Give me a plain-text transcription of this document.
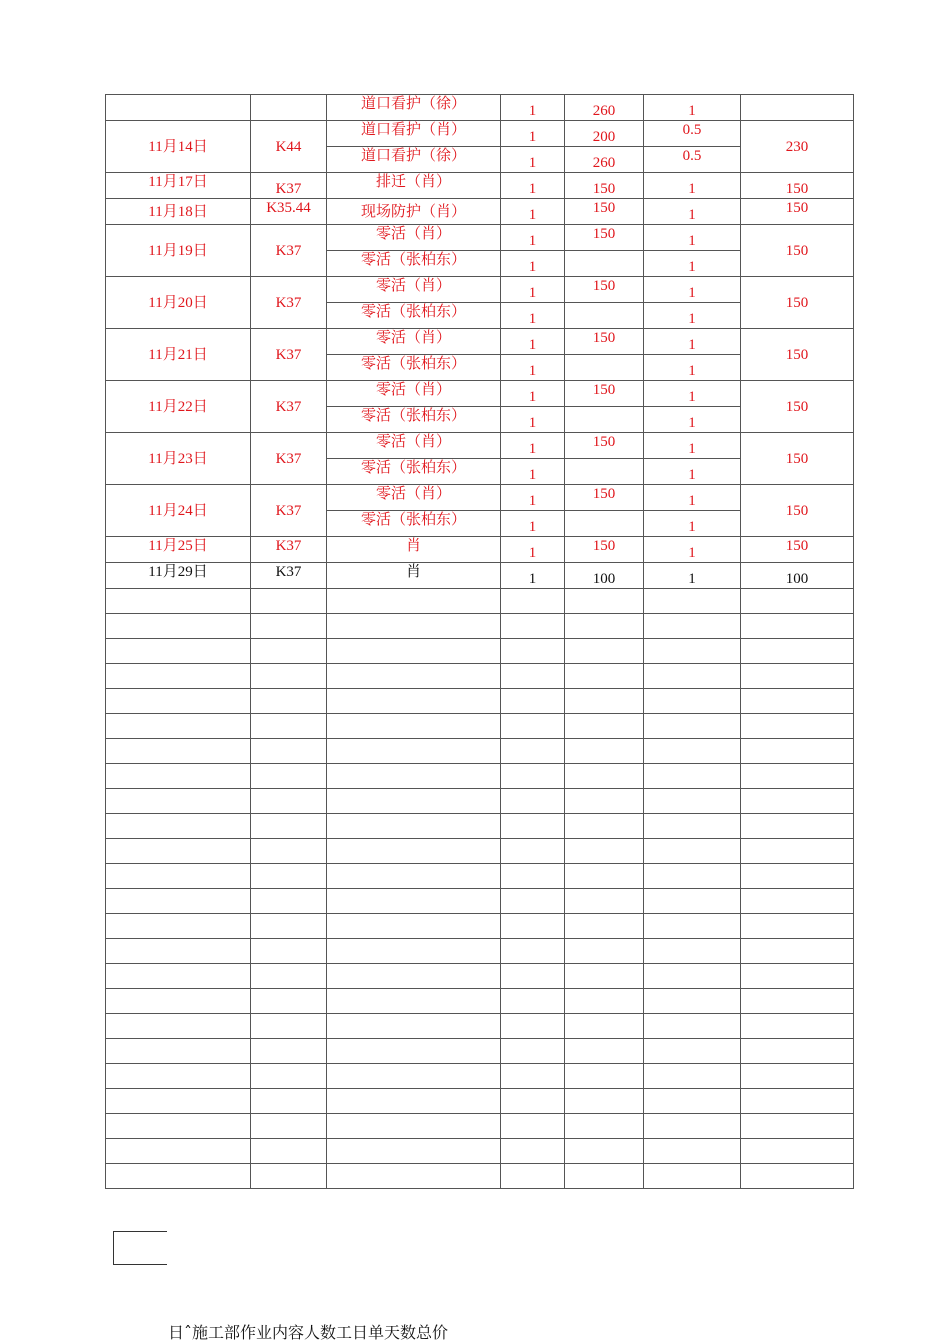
		道口看护（徐）	1	260	1	
11月14日	K44	道口看护（肖）	1	200	0.5	230
		道口看护（徐）	1	260	0.5	
11月17日	K37	排迁（肖）	1	150	1	150
11月18日	K35.44	现场防护（肖）	1	150	1	150
11月19日	K37	零活（肖）	1	150	1	150
		零活（张柏东）	1		1	
11月20日	K37	零活（肖）	1	150	1	150
		零活（张柏东）	1		1	
11月21日	K37	零活（肖）	1	150	1	150
		零活（张柏东）	1		1	
11月22日	K37	零活（肖）	1	150	1	150
		零活（张柏东）	1		1	
11月23日	K37	零活（肖）	1	150	1	150
		零活（张柏东）	1		1	
11月24日	K37	零活（肖）	1	150	1	150
		零活（张柏东）	1		1	
11月25日	K37	肖	1	150	1	150
11月29日	K37	肖	1	100	1	100

日ˆ施工部作业内容人数工日单天数总价
